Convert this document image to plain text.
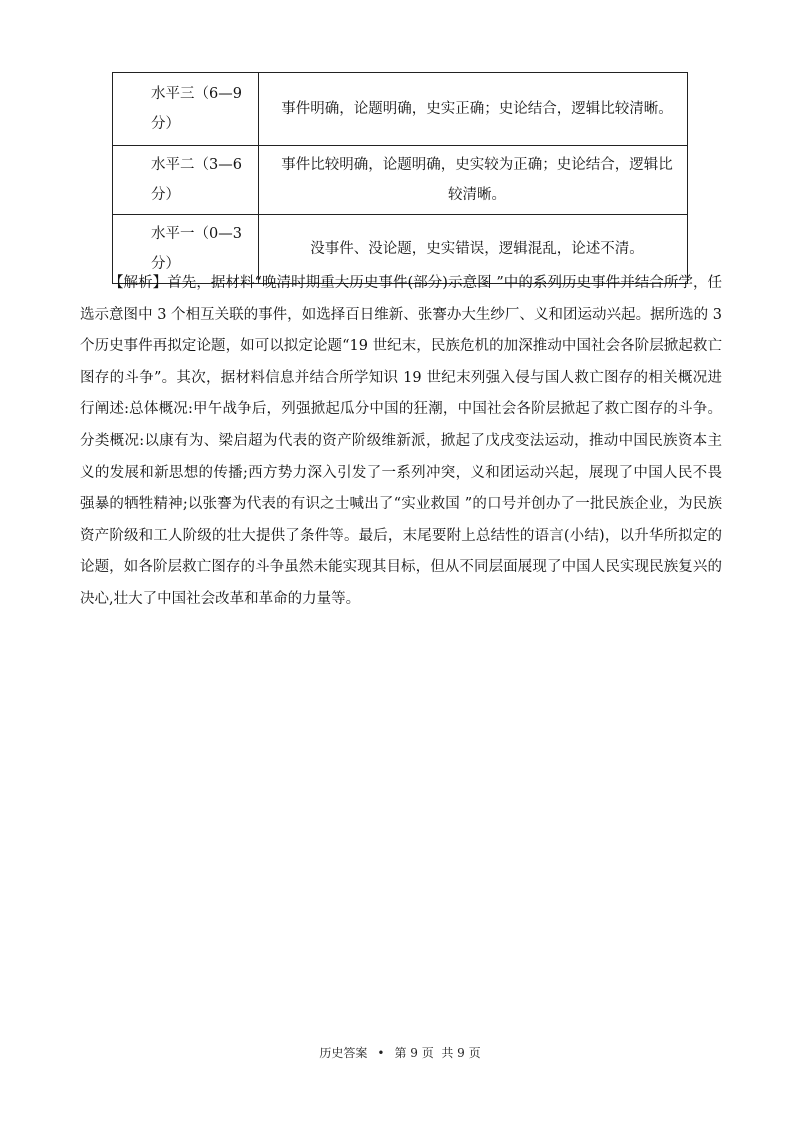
水平三（6—9
分）	事件明确，论题明确，史实正确；史论结合，逻辑比较清晰。
水平二（3—6
分）	事件比较明确，论题明确，史实较为正确；史论结合，逻辑比较清晰。
水平一（0—3
分）	没事件、没论题，史实错误，逻辑混乱，论述不清。

【解析】首先，据材料“晚清时期重大历史事件(部分)示意图 ”中的系列历史事件并结合所学，任选示意图中 3 个相互关联的事件，如选择百日维新、张謇办大生纱厂、义和团运动兴起。据所选的 3 个历史事件再拟定论题，如可以拟定论题“19 世纪末，民族危机的加深推动中国社会各阶层掀起救亡图存的斗争”。其次，据材料信息并结合所学知识 19 世纪末列强入侵与国人救亡图存的相关概况进行阐述:总体概况:甲午战争后，列强掀起瓜分中国的狂潮，中国社会各阶层掀起了救亡图存的斗争。分类概况:以康有为、梁启超为代表的资产阶级维新派，掀起了戊戌变法运动，推动中国民族资本主义的发展和新思想的传播;西方势力深入引发了一系列冲突，义和团运动兴起，展现了中国人民不畏强暴的牺牲精神;以张謇为代表的有识之士喊出了“实业救国 ”的口号并创办了一批民族企业，为民族资产阶级和工人阶级的壮大提供了条件等。最后，末尾要附上总结性的语言(小结)，以升华所拟定的论题，如各阶层救亡图存的斗争虽然未能实现其目标，但从不同层面展现了中国人民实现民族复兴的决心,壮大了中国社会改革和革命的力量等。

历史答案 • 第 9 页 共 9 页
